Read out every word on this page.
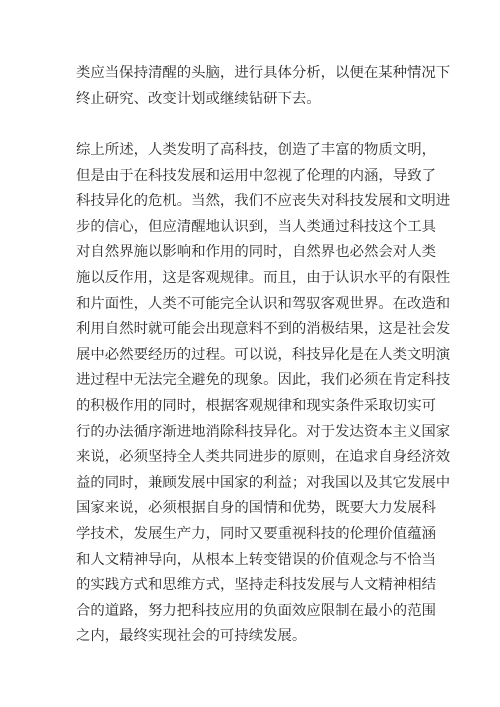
类应当保持清醒的头脑，进行具体分析，以便在某种情况下
终止研究、改变计划或继续钻研下去。
综上所述，人类发明了高科技，创造了丰富的物质文明，
但是由于在科技发展和运用中忽视了伦理的内涵，导致了
科技异化的危机。当然，我们不应丧失对科技发展和文明进
步的信心，但应清醒地认识到，当人类通过科技这个工具
对自然界施以影响和作用的同时，自然界也必然会对人类
施以反作用，这是客观规律。而且，由于认识水平的有限性
和片面性，人类不可能完全认识和驾驭客观世界。在改造和
利用自然时就可能会出现意料不到的消极结果，这是社会发
展中必然要经历的过程。可以说，科技异化是在人类文明演
进过程中无法完全避免的现象。因此，我们必须在肯定科技
的积极作用的同时，根据客观规律和现实条件采取切实可
行的办法循序渐进地消除科技异化。对于发达资本主义国家
来说，必须坚持全人类共同进步的原则，在追求自身经济效
益的同时，兼顾发展中国家的利益；对我国以及其它发展中
国家来说，必须根据自身的国情和优势，既要大力发展科
学技术，发展生产力，同时又要重视科技的伦理价值蕴涵
和人文精神导向，从根本上转变错误的价值观念与不恰当
的实践方式和思维方式，坚持走科技发展与人文精神相结
合的道路，努力把科技应用的负面效应限制在最小的范围
之内，最终实现社会的可持续发展。
